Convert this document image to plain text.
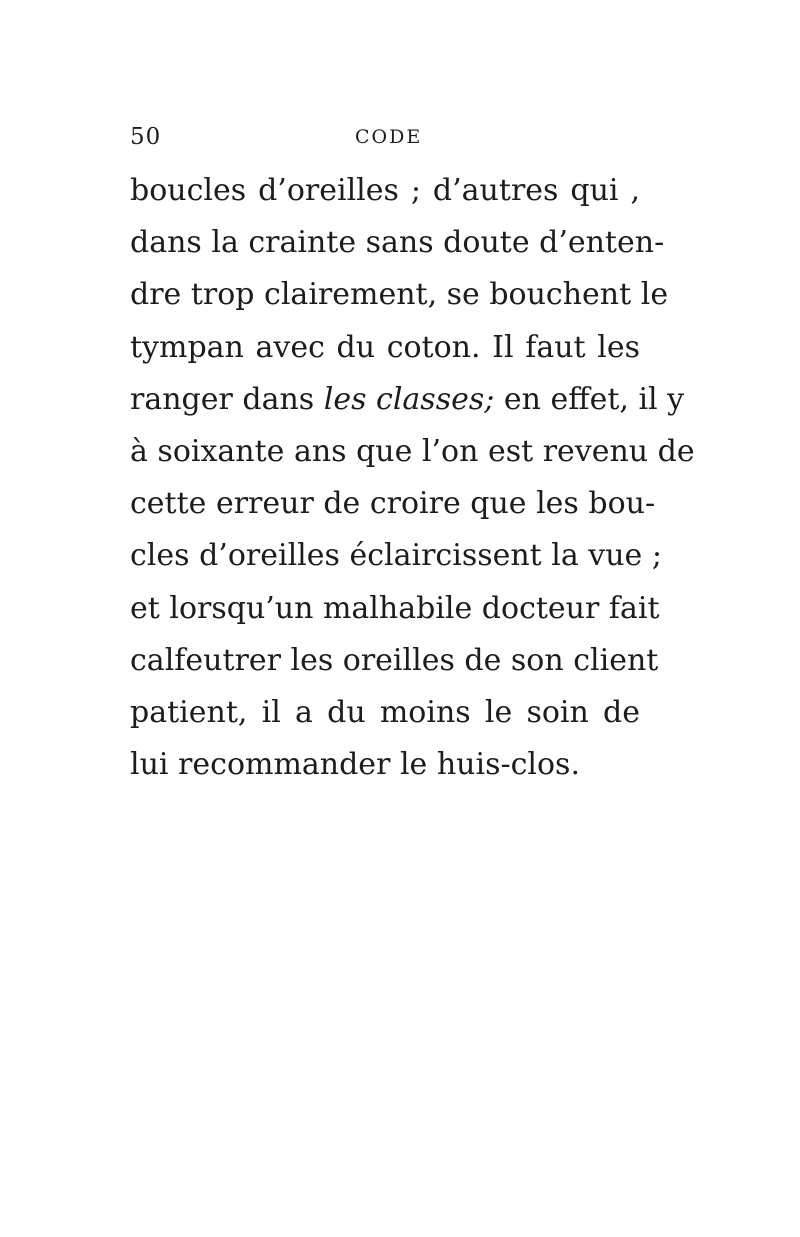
50	CODE
boucles d’oreilles ; d’autres qui ,
dans la crainte sans doute d’enten-
dre trop clairement, se bouchent le
tympan avec du coton. Il faut les
ranger dans les classes; en effet, il y
à soixante ans que l’on est revenu de
cette erreur de croire que les bou-
cles d’oreilles éclaircissent la vue ;
et lorsqu’un malhabile docteur fait
calfeutrer les oreilles de son client
patient, il a du moins le soin de
lui recommander le huis-clos.
